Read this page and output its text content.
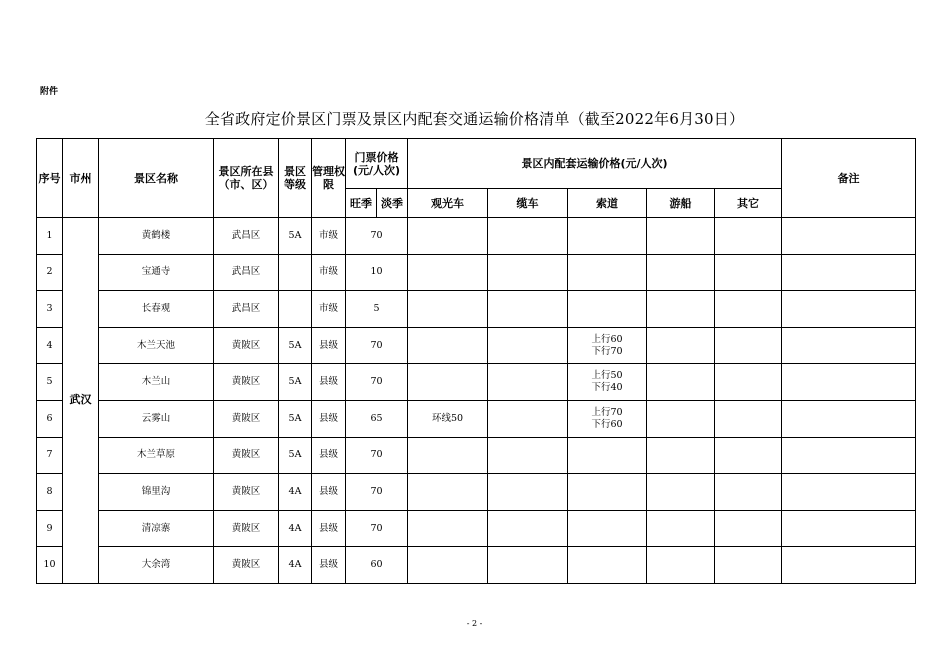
附件
全省政府定价景区门票及景区内配套交通运输价格清单（截至2022年6月30日）
序号	市州	景区名称	景区所在县（市、区）	景区等级	管理权限	门票价格(元/人次)		景区内配套运输价格(元/人次)					备注
						旺季	淡季	观光车	缆车	索道	游船	其它	
1	武汉	黄鹤楼	武昌区	5A	市级	70				

2		宝通寺	武昌区		市级	10				

3		长春观	武昌区		市级	5				

4		木兰天池	黄陂区	5A	县级	70				上行60
下行70			

5		木兰山	黄陂区	5A	县级	70				上行50
下行40			

6		云雾山	黄陂区	5A	县级	65		环线50		上行70
下行60			

7		木兰草原	黄陂区	5A	县级	70				

8		锦里沟	黄陂区	4A	县级	70				

9		清凉寨	黄陂区	4A	县级	70				

10		大余湾	黄陂区	4A	县级	60				

- 2 -
